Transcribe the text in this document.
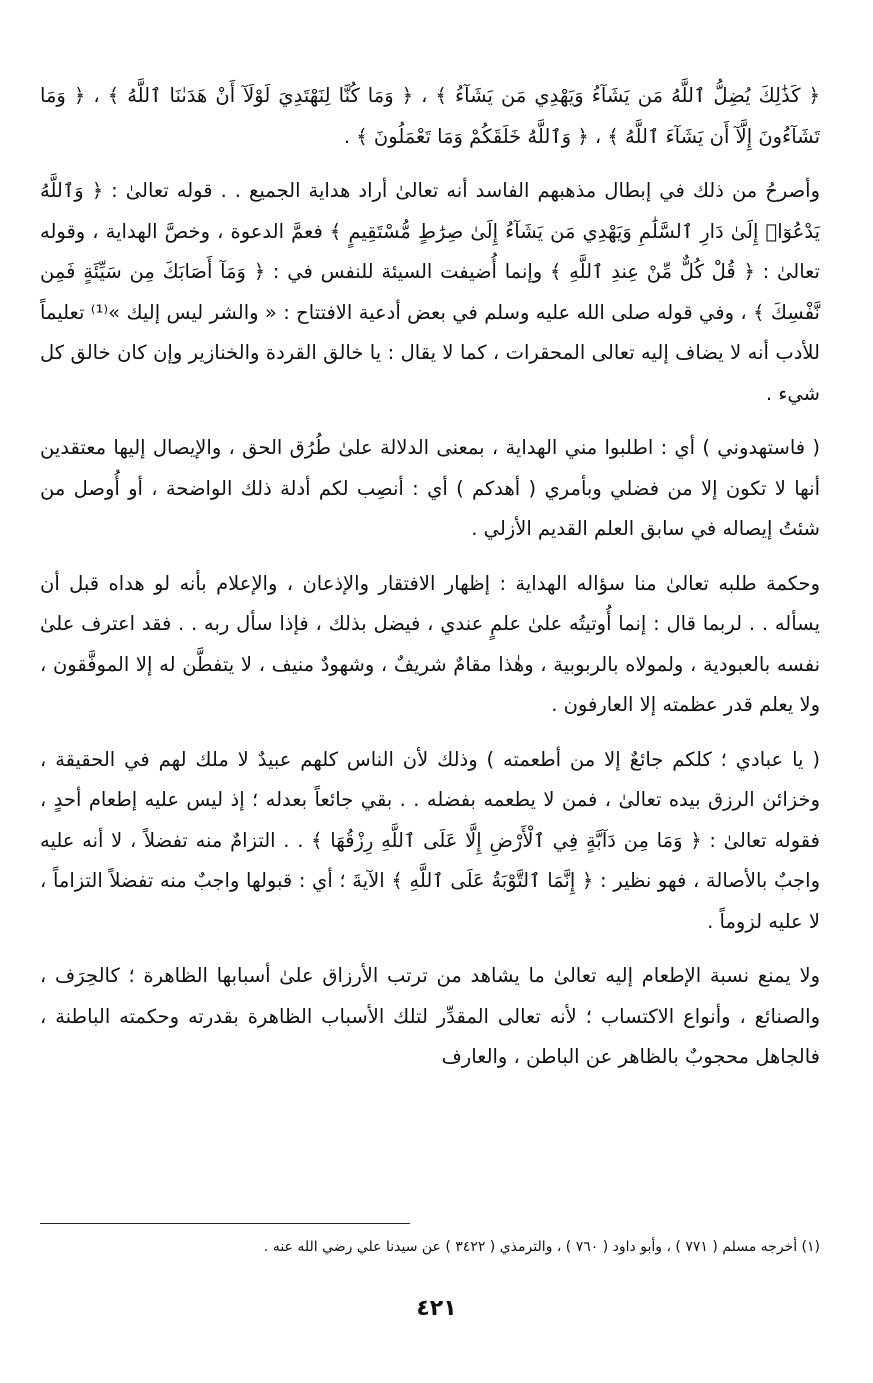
﴿ كَذَٰلِكَ يُضِلُّ ٱللَّهُ مَن يَشَآءُ وَيَهْدِي مَن يَشَآءُ ﴾ ، ﴿ وَمَا كُنَّا لِنَهْتَدِيَ لَوْلَآ أَنْ هَدَىٰنَا ٱللَّهُ ﴾ ، ﴿ وَمَا تَشَآءُونَ إِلَّآ أَن يَشَآءَ ٱللَّهُ ﴾ ، ﴿ وَٱللَّهُ خَلَقَكُمْ وَمَا تَعْمَلُونَ ﴾ .

وأصرحُ من ذلك في إبطال مذهبهم الفاسد أنه تعالىٰ أراد هداية الجميع . . قوله تعالىٰ : ﴿ وَٱللَّهُ يَدْعُوٓا۟ إِلَىٰ دَارِ ٱلسَّلَٰمِ وَيَهْدِي مَن يَشَآءُ إِلَىٰ صِرَٰطٍ مُّسْتَقِيمٍ ﴾ فعمَّ الدعوة ، وخصَّ الهداية ، وقوله تعالىٰ : ﴿ قُلْ كُلٌّ مِّنْ عِندِ ٱللَّهِ ﴾ وإنما أُضيفت السيئة للنفس في : ﴿ وَمَآ أَصَابَكَ مِن سَيِّئَةٍ فَمِن نَّفْسِكَ ﴾ ، وفي قوله صلى الله عليه وسلم في بعض أدعية الافتتاح : « والشر ليس إليك »⁽¹⁾ تعليماً للأدب أنه لا يضاف إليه تعالى المحقرات ، كما لا يقال : يا خالق القردة والخنازير وإن كان خالق كل شيء .

( فاستهدوني ) أي : اطلبوا مني الهداية ، بمعنى الدلالة علىٰ طُرُق الحق ، والإيصال إليها معتقدين أنها لا تكون إلا من فضلي وبأمري ( أهدكم ) أي : أنصِب لكم أدلة ذلك الواضحة ، أو أُوصل من شئتُ إيصاله في سابق العلم القديم الأزلي .

وحكمة طلبه تعالىٰ منا سؤاله الهداية : إظهار الافتقار والإذعان ، والإعلام بأنه لو هداه قبل أن يسأله . . لربما قال : إنما أُوتيتُه علىٰ علمٍ عندي ، فيضل بذلك ، فإذا سأل ربه . . فقد اعترف علىٰ نفسه بالعبودية ، ولمولاه بالربوبية ، وهٰذا مقامٌ شريفٌ ، وشهودٌ منيف ، لا يتفطَّن له إلا الموفَّقون ، ولا يعلم قدر عظمته إلا العارفون .

( يا عبادي ؛ كلكم جائعٌ إلا من أطعمته ) وذلك لأن الناس كلهم عبيدٌ لا ملك لهم في الحقيقة ، وخزائن الرزق بيده تعالىٰ ، فمن لا يطعمه بفضله . . بقي جائعاً بعدله ؛ إذ ليس عليه إطعام أحدٍ ، فقوله تعالىٰ : ﴿ وَمَا مِن دَآبَّةٍ فِي ٱلْأَرْضِ إِلَّا عَلَى ٱللَّهِ رِزْقُهَا ﴾ . . التزامٌ منه تفضلاً ، لا أنه عليه واجبٌ بالأصالة ، فهو نظير : ﴿ إِنَّمَا ٱلتَّوْبَةُ عَلَى ٱللَّهِ ﴾ الآيةَ ؛ أي : قبولها واجبٌ منه تفضلاً التزاماً ، لا عليه لزوماً .

ولا يمنع نسبة الإطعام إليه تعالىٰ ما يشاهد من ترتب الأرزاق علىٰ أسبابها الظاهرة ؛ كالحِرَف ، والصنائع ، وأنواع الاكتساب ؛ لأنه تعالى المقدِّر لتلك الأسباب الظاهرة بقدرته وحكمته الباطنة ، فالجاهل محجوبٌ بالظاهر عن الباطن ، والعارف

(١) أخرجه مسلم ( ٧٧١ ) ، وأبو داود ( ٧٦٠ ) ، والترمذي ( ٣٤٢٢ ) عن سيدنا علي رضي الله عنه .
٤٢١
